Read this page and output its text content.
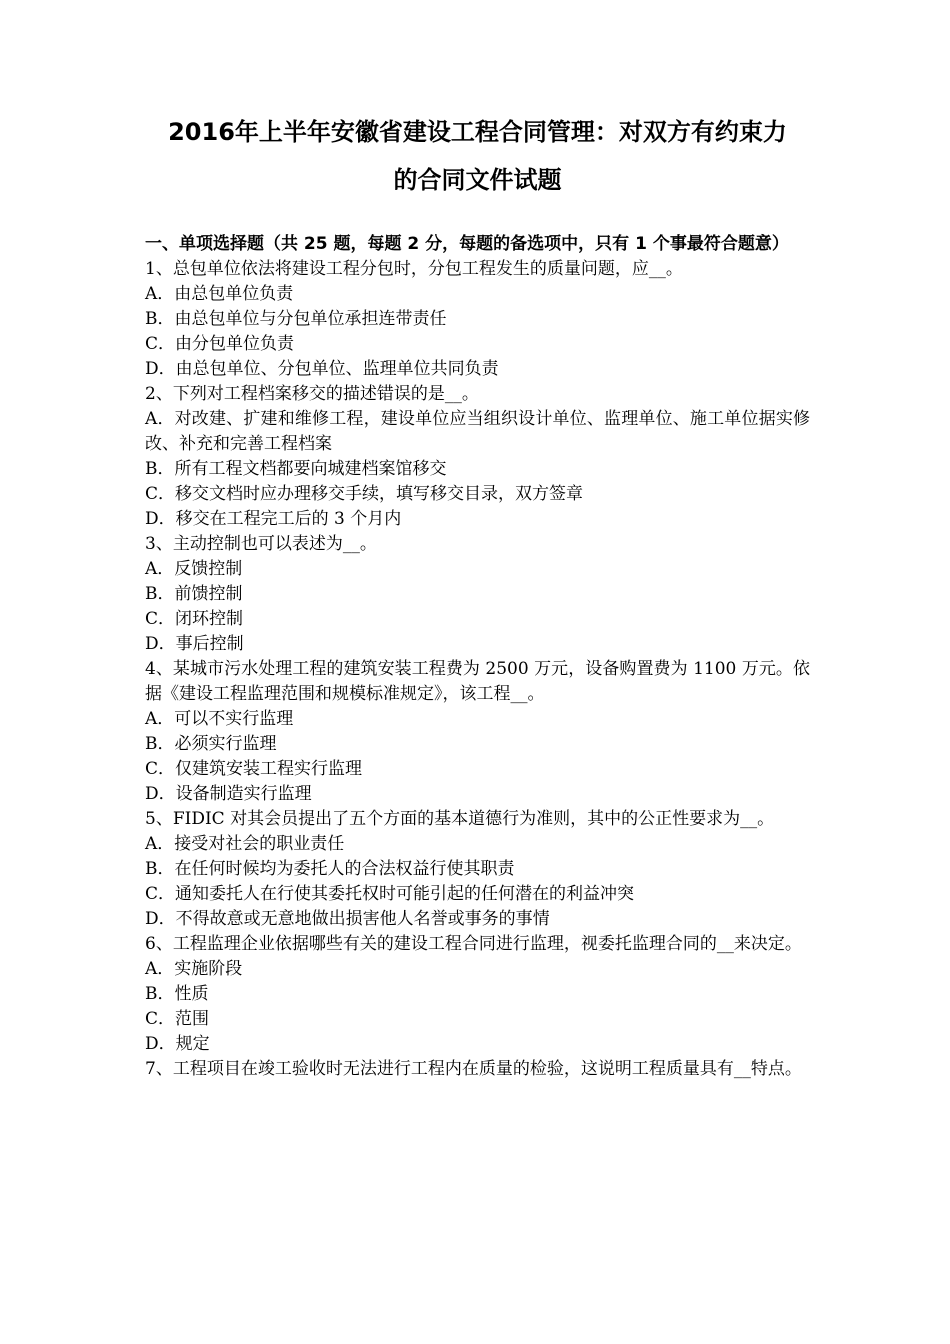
2016年上半年安徽省建设工程合同管理：对双方有约束力
的合同文件试题
一、单项选择题（共 25 题，每题 2 分，每题的备选项中，只有 1 个事最符合题意）

1、总包单位依法将建设工程分包时，分包工程发生的质量问题，应__。

A．由总包单位负责

B．由总包单位与分包单位承担连带责任

C．由分包单位负责

D．由总包单位、分包单位、监理单位共同负责

2、下列对工程档案移交的描述错误的是__。

A．对改建、扩建和维修工程，建设单位应当组织设计单位、监理单位、施工单位据实修改、补充和完善工程档案

B．所有工程文档都要向城建档案馆移交

C．移交文档时应办理移交手续，填写移交目录，双方签章

D．移交在工程完工后的 3 个月内

3、主动控制也可以表述为__。

A．反馈控制

B．前馈控制

C．闭环控制

D．事后控制

4、某城市污水处理工程的建筑安装工程费为 2500 万元，设备购置费为 1100 万元。依据《建设工程监理范围和规模标准规定》，该工程__。

A．可以不实行监理

B．必须实行监理

C．仅建筑安装工程实行监理

D．设备制造实行监理

5、FIDIC 对其会员提出了五个方面的基本道德行为准则，其中的公正性要求为__。

A．接受对社会的职业责任

B．在任何时候均为委托人的合法权益行使其职责

C．通知委托人在行使其委托权时可能引起的任何潜在的利益冲突

D．不得故意或无意地做出损害他人名誉或事务的事情

6、工程监理企业依据哪些有关的建设工程合同进行监理，视委托监理合同的__来决定。

A．实施阶段

B．性质

C．范围

D．规定

7、工程项目在竣工验收时无法进行工程内在质量的检验，这说明工程质量具有__特点。
